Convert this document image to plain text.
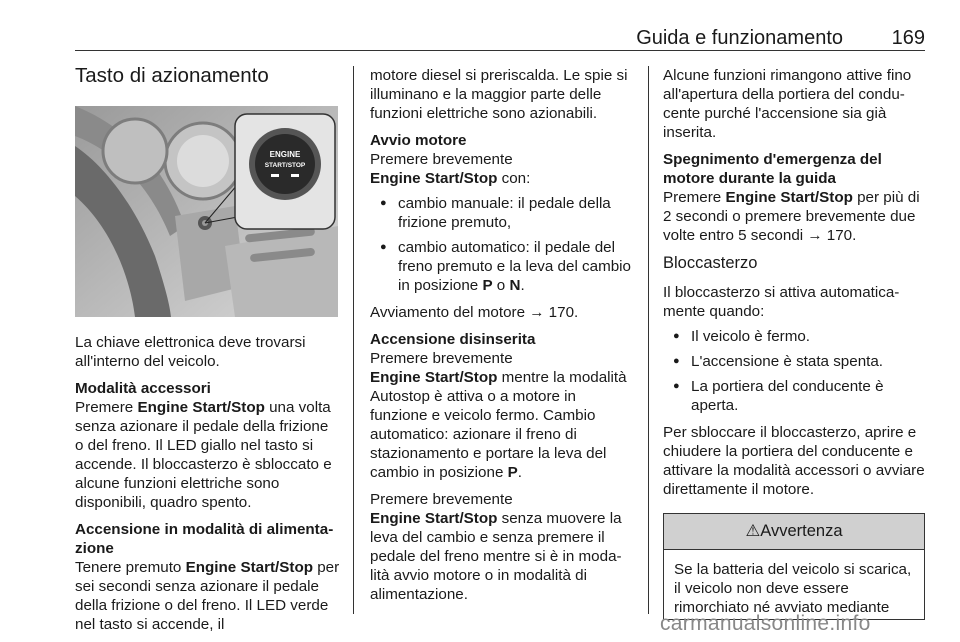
Guida e funzionamento 169
Tasto di azionamento
ENGINE
START/STOP

La chiave elettronica deve trovarsi all'interno del veicolo.

Modalità accessori
Premere Engine Start/Stop una volta senza azionare il pedale della frizione o del freno. Il LED giallo nel tasto si accende. Il bloccasterzo è sbloccato e alcune funzioni elettriche sono disponibili, quadro spento.

Accensione in modalità di alimenta-zione
Tenere premuto Engine Start/Stop per sei secondi senza azionare il pedale della frizione o del freno. Il LED verde nel tasto si accende, il

motore diesel si preriscalda. Le spie si illuminano e la maggior parte delle funzioni elettriche sono azionabili.

Avvio motore
Premere brevemente
Engine Start/Stop con:

● cambio manuale: il pedale della frizione premuto,
● cambio automatico: il pedale del freno premuto e la leva del cambio in posizione P o N.

Avviamento del motore → 170.

Accensione disinserita
Premere brevemente
Engine Start/Stop mentre la modalità Autostop è attiva o a motore in funzione e veicolo fermo. Cambio automatico: azionare il freno di stazionamento e portare la leva del cambio in posizione P.

Premere brevemente
Engine Start/Stop senza muovere la leva del cambio e senza premere il pedale del freno mentre si è in moda-lità avvio motore o in modalità di alimentazione.

Alcune funzioni rimangono attive fino all'apertura della portiera del condu-cente purché l'accensione sia già inserita.

Spegnimento d'emergenza del motore durante la guida
Premere Engine Start/Stop per più di 2 secondi o premere brevemente due volte entro 5 secondi → 170.

Bloccasterzo

Il bloccasterzo si attiva automatica-mente quando:

● Il veicolo è fermo.
● L'accensione è stata spenta.
● La portiera del conducente è aperta.

Per sbloccare il bloccasterzo, aprire e chiudere la portiera del conducente e attivare la modalità accessori o avviare direttamente il motore.

⚠Avvertenza
Se la batteria del veicolo si scarica, il veicolo non deve essere rimorchiato né avviato mediante
carmanualsonline.info
